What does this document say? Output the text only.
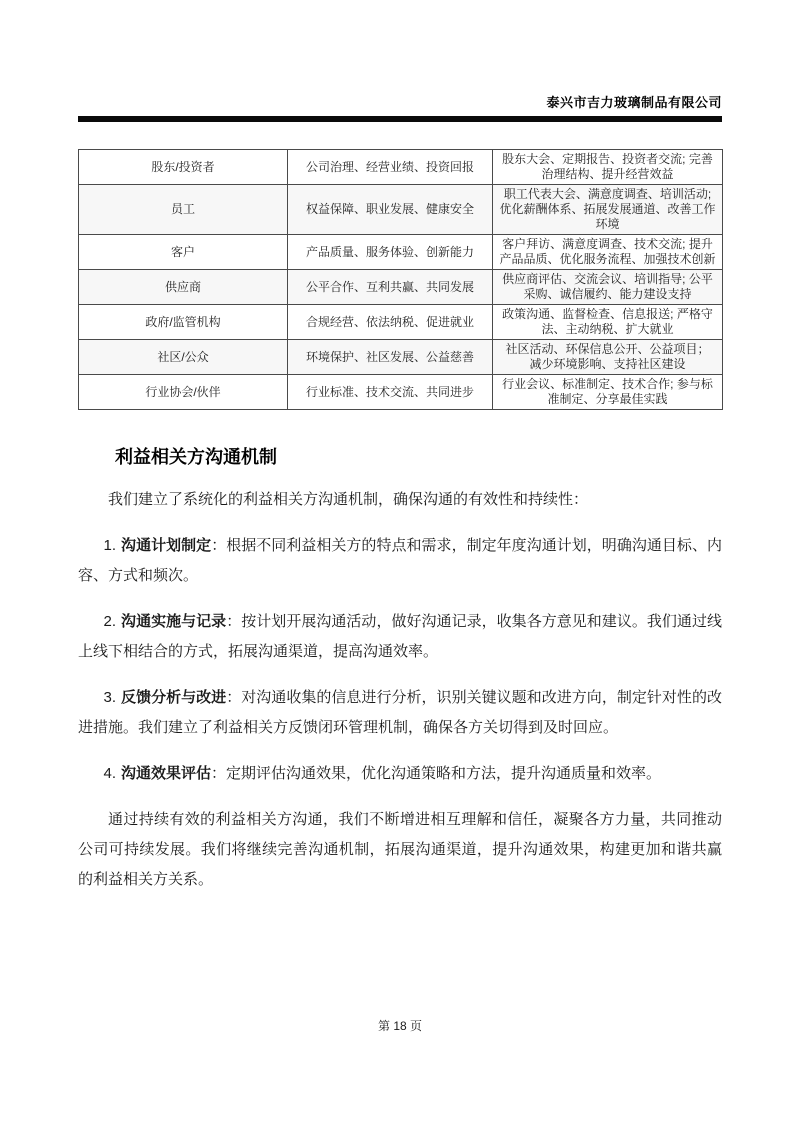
泰兴市吉力玻璃制品有限公司
股东/投资者	公司治理、经营业绩、投资回报	股东大会、定期报告、投资者交流; 完善治理结构、提升经营效益
员工	权益保障、职业发展、健康安全	职工代表大会、满意度调查、培训活动; 优化薪酬体系、拓展发展通道、改善工作环境
客户	产品质量、服务体验、创新能力	客户拜访、满意度调查、技术交流; 提升产品品质、优化服务流程、加强技术创新
供应商	公平合作、互利共赢、共同发展	供应商评估、交流会议、培训指导; 公平采购、诚信履约、能力建设支持
政府/监管机构	合规经营、依法纳税、促进就业	政策沟通、监督检查、信息报送; 严格守法、主动纳税、扩大就业
社区/公众	环境保护、社区发展、公益慈善	社区活动、环保信息公开、公益项目； 减少环境影响、支持社区建设
行业协会/伙伴	行业标准、技术交流、共同进步	行业会议、标准制定、技术合作; 参与标准制定、分享最佳实践
利益相关方沟通机制

我们建立了系统化的利益相关方沟通机制，确保沟通的有效性和持续性：

1. 沟通计划制定：根据不同利益相关方的特点和需求，制定年度沟通计划，明确沟通目标、内容、方式和频次。

2. 沟通实施与记录：按计划开展沟通活动，做好沟通记录，收集各方意见和建议。我们通过线上线下相结合的方式，拓展沟通渠道，提高沟通效率。

3. 反馈分析与改进：对沟通收集的信息进行分析，识别关键议题和改进方向，制定针对性的改进措施。我们建立了利益相关方反馈闭环管理机制，确保各方关切得到及时回应。

4. 沟通效果评估：定期评估沟通效果，优化沟通策略和方法，提升沟通质量和效率。

通过持续有效的利益相关方沟通，我们不断增进相互理解和信任，凝聚各方力量，共同推动公司可持续发展。我们将继续完善沟通机制，拓展沟通渠道，提升沟通效果，构建更加和谐共赢的利益相关方关系。

第 18 页
